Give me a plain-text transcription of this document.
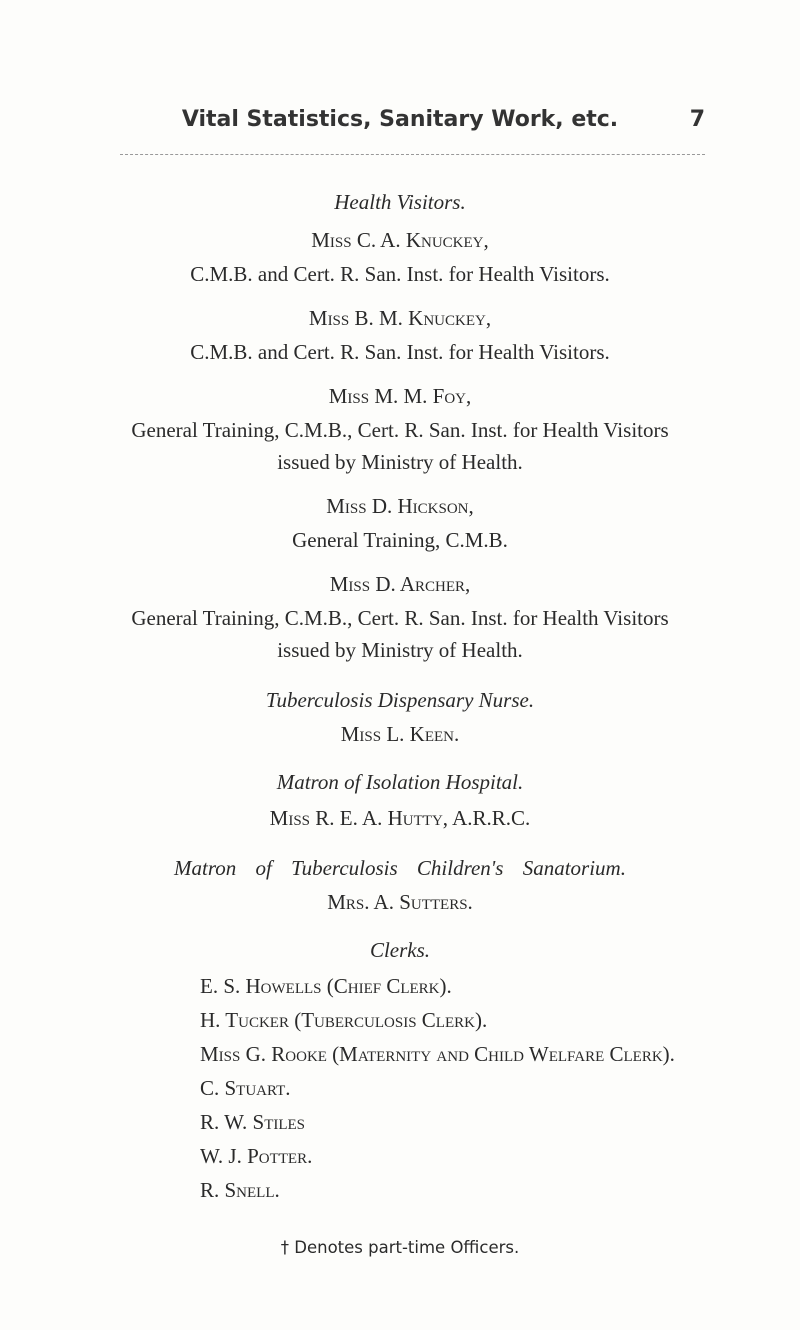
Vital Statistics, Sanitary Work, etc.	7
Health Visitors.
Miss C. A. Knuckey,
C.M.B. and Cert. R. San. Inst. for Health Visitors.
Miss B. M. Knuckey,
C.M.B. and Cert. R. San. Inst. for Health Visitors.
Miss M. M. Foy,
General Training, C.M.B., Cert. R. San. Inst. for Health Visitors
issued by Ministry of Health.
Miss D. Hickson,
General Training, C.M.B.
Miss D. Archer,
General Training, C.M.B., Cert. R. San. Inst. for Health Visitors
issued by Ministry of Health.
Tuberculosis Dispensary Nurse.
Miss L. Keen.
Matron of Isolation Hospital.
Miss R. E. A. Hutty, A.R.R.C.
Matron of Tuberculosis Children's Sanatorium.
Mrs. A. Sutters.
Clerks.
E. S. Howells (Chief Clerk).
H. Tucker (Tuberculosis Clerk).
Miss G. Rooke (Maternity and Child Welfare Clerk).
C. Stuart.
R. W. Stiles
W. J. Potter.
R. Snell.
† Denotes part-time Officers.
